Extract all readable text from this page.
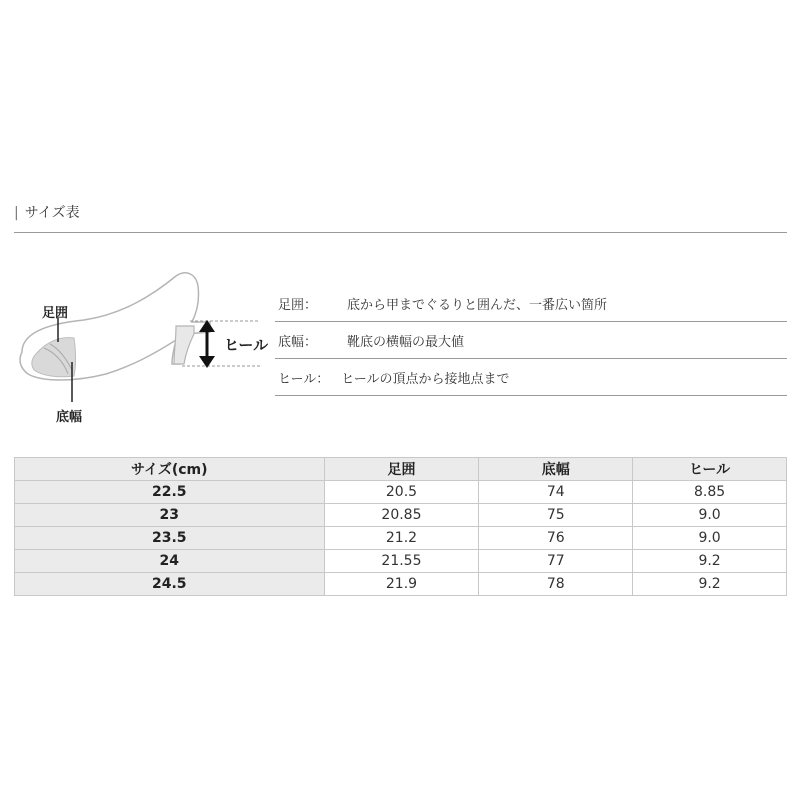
| サイズ表
足囲
底幅
ヒール
足囲： 底から甲までぐるりと囲んだ、一番広い箇所
底幅： 靴底の横幅の最大値
ヒール： ヒールの頂点から接地点まで
サイズ(cm)	足囲	底幅	ヒール
22.5	20.5	74	8.85
23	20.85	75	9.0
23.5	21.2	76	9.0
24	21.55	77	9.2
24.5	21.9	78	9.2
